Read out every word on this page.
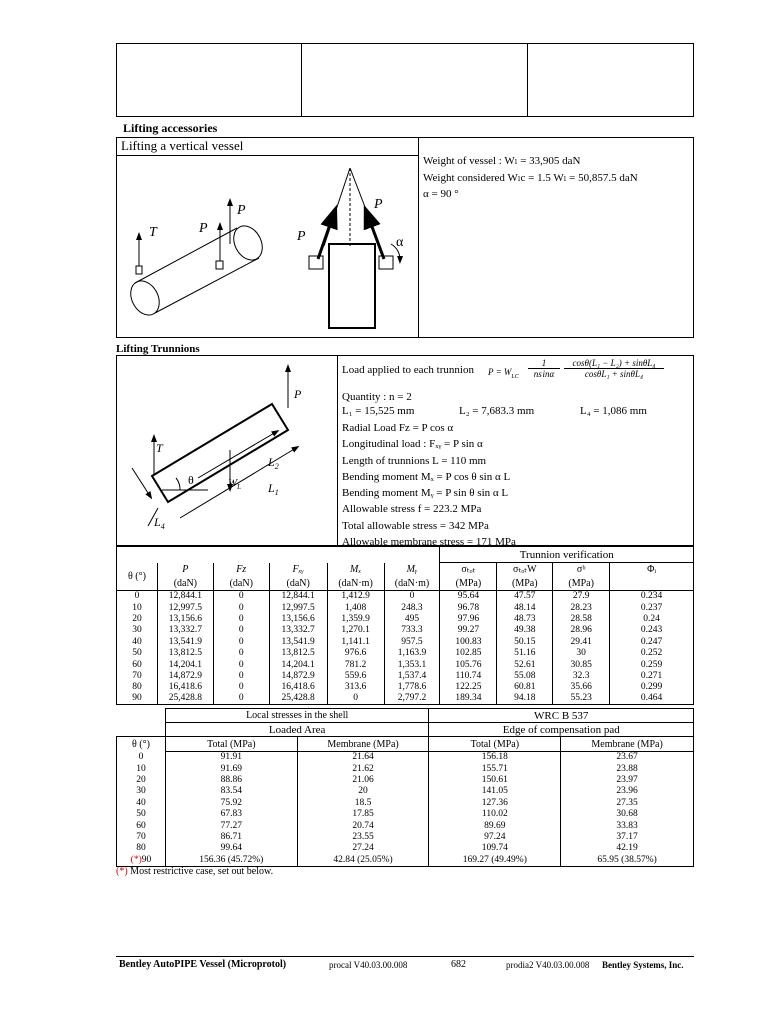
Lifting accessories
Lifting a vertical vessel
Weight of vessel : Wₗ = 33,905 daN
Weight considered Wₗc = 1.5 Wₗ = 50,857.5 daN
α = 90 °
T	P
P
P
P
α
Lifting Trunnions
P
T
θ	$W_L$
$L_2$
$L_1$
$L_4$
Load applied to each trunnion $P = W_{LC}$
1
ns inα	$\frac{\text{cosθ(L₁ − L₂) + sinθL₄}}{\text{cosθL₁ + sinθL₄}}$
Quantity : n = 2
L₁ = 15,525 mm	L₂ = 7,683.3 mm	L₄ = 1,086 mm
Radial Load Fᴢ = P cos α
Longitudinal load : Fₓᵧ = P sin α
Length of trunnions L = 110 mm
Bending moment Mₓ = P cos θ sin α L
Bending moment Mᵧ = P sin θ sin α L
Allowable stress f = 223.2 MPa
Total allowable stress = 342 MPa
Allowable membrane stress = 171 MPa
						Trunnion verification			
θ (°)	P	Fᴢ	Fₓᵧ	Mₓ	Mᵧ	σₜₒₜ	σₜₒₜW	σᵇ	Φᵢ
	(daN)	(daN)	(daN)	(daN·m)	(daN·m)	(MPa)	(MPa)	(MPa)	
0	12,844.1	0	12,844.1	1,412.9	0	95.64	47.57	27.9	0.234
10	12,997.5	0	12,997.5	1,408	248.3	96.78	48.14	28.23	0.237
20	13,156.6	0	13,156.6	1,359.9	495	97.96	48.73	28.58	0.24
30	13,332.7	0	13,332.7	1,270.1	733.3	99.27	49.38	28.96	0.243
40	13,541.9	0	13,541.9	1,141.1	957.5	100.83	50.15	29.41	0.247
50	13,812.5	0	13,812.5	976.6	1,163.9	102.85	51.16	30	0.252
60	14,204.1	0	14,204.1	781.2	1,353.1	105.76	52.61	30.85	0.259
70	14,872.9	0	14,872.9	559.6	1,537.4	110.74	55.08	32.3	0.271
80	16,418.6	0	16,418.6	313.6	1,778.6	122.25	60.81	35.66	0.299
90	25,428.8	0	25,428.8	0	2,797.2	189.34	94.18	55.23	0.464
	Local stresses in the shell		WRC B 537	
	Loaded Area		Edge of compensation pad	
θ (°)	Total (MPa)	Membrane (MPa)	Total (MPa)	Membrane (MPa)
0	91.91	21.64	156.18	23.67
10	91.69	21.62	155.71	23.88
20	88.86	21.06	150.61	23.97
30	83.54	20	141.05	23.96
40	75.92	18.5	127.36	27.35
50	67.83	17.85	110.02	30.68
60	77.27	20.74	89.69	33.83
70	86.71	23.55	97.24	37.17
80	99.64	27.24	109.74	42.19
(*)90	156.36 (45.72%)	42.84 (25.05%)	169.27 (49.49%)	65.95 (38.57%)
(*) Most restrictive case, set out below.
Bentley AutoPIPE Vessel (Microprotol)	procal V40.03.00.008	682	prodia2 V40.03.00.008 Bentley Systems, Inc.
